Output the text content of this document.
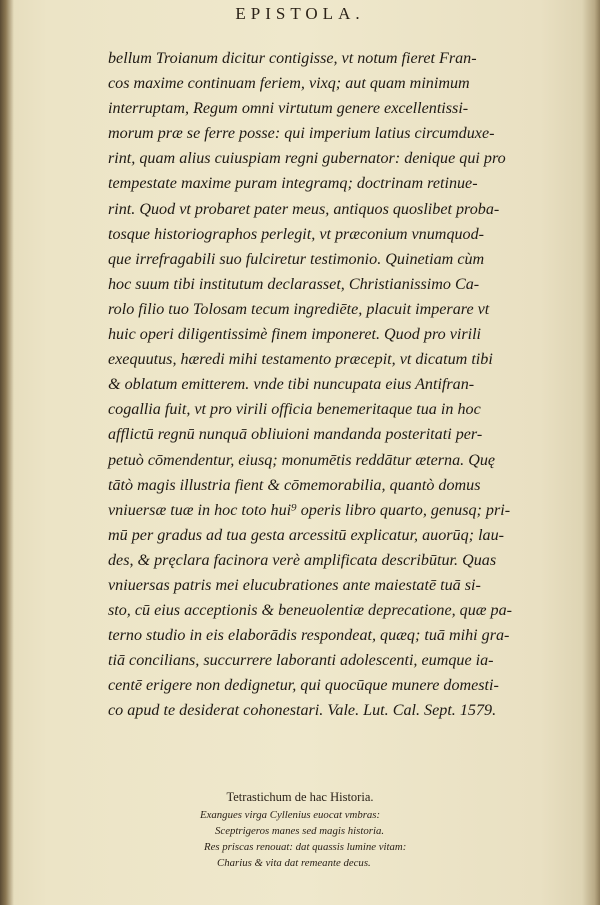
EPISTOLA.
bellum Troianum dicitur contigisse, vt notum fieret Fran-
cos maxime continuam feriem, vixq; aut quam minimum
interruptam, Regum omni virtutum genere excellentissi-
morum præ se ferre posse: qui imperium latius circumduxe-
rint, quam alius cuiuspiam regni gubernator: denique qui pro
tempestate maxime puram integramq; doctrinam retinue-
rint. Quod vt probaret pater meus, antiquos quoslibet proba-
tosque historiographos perlegit, vt præconium vnumquod-
que irrefragabili suo fulciretur testimonio. Quinetiam cùm
hoc suum tibi institutum declarasset, Christianissimo Ca-
rolo filio tuo Tolosam tecum ingrediēte, placuit imperare vt
huic operi diligentissimè finem imponeret. Quod pro virili
exequutus, hæredi mihi testamento præcepit, vt dicatum tibi
& oblatum emitterem. vnde tibi nuncupata eius Antifran-
cogallia fuit, vt pro virili officia benemeritaque tua in hoc
afflictū regnū nunquā obliuioni mandanda posteritati per-
petuò cōmendentur, eiusq; monumētis reddātur æterna. Quę
tātò magis illustria fient & cōmemorabilia, quantò domus
vniuersæ tuæ in hoc toto hui⁹ operis libro quarto, genusq; pri-
mū per gradus ad tua gesta arcessitū explicatur, auorūq; lau-
des, & pręclara facinora verè amplificata describūtur. Quas
vniuersas patris mei elucubrationes ante maiestatē tuā si-
sto, cū eius acceptionis & beneuolentiæ deprecatione, quæ pa-
terno studio in eis elaborādis respondeat, quæq; tuā mihi gra-
tiā concilians, succurrere laboranti adolescenti, eumque ia-
centē erigere non dedignetur, qui quocūque munere domesti-
co apud te desiderat cohonestari. Vale. Lut. Cal. Sept. 1579.
Tetrastichum de hac Historia.
Exangues virga Cyllenius euocat vmbras:
Sceptrigeros manes sed magis historia.
Res priscas renouat: dat quassis lumine vitam:
Charius & vita dat remeante decus.
